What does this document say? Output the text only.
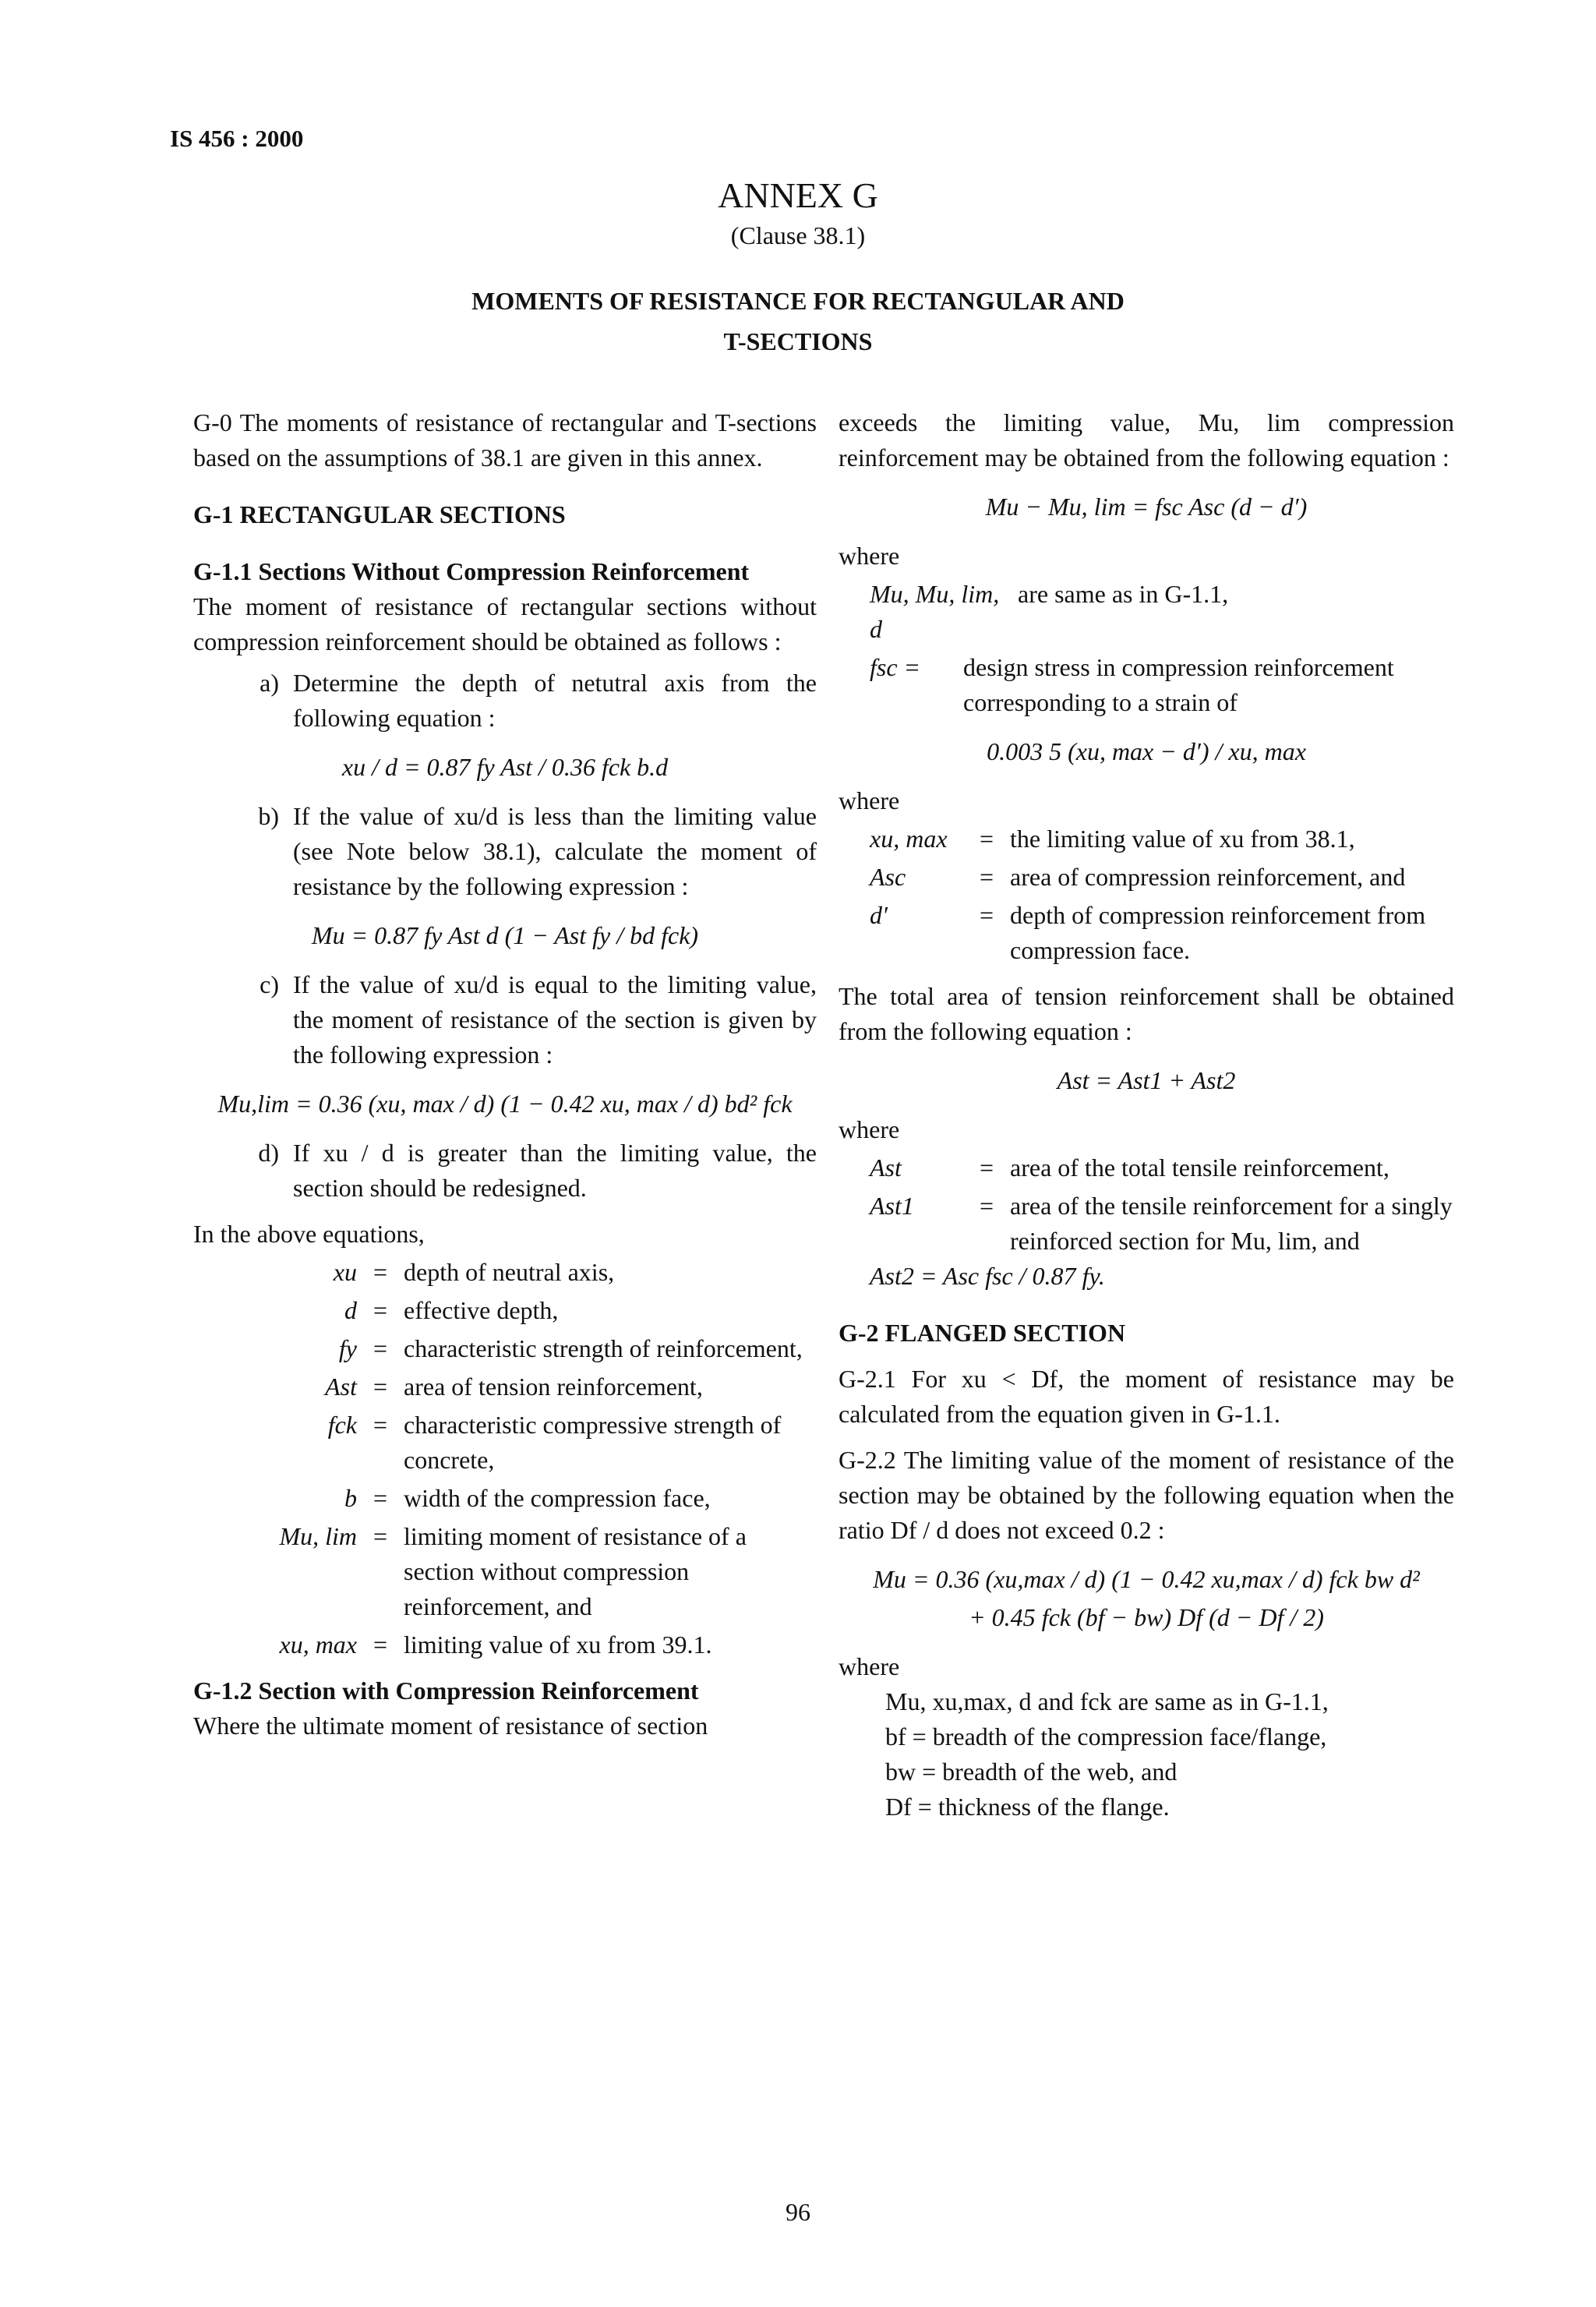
IS 456 : 2000
ANNEX G
(Clause 38.1)
MOMENTS OF RESISTANCE FOR RECTANGULAR AND
T-SECTIONS

G-0 The moments of resistance of rectangular and T-sections based on the assumptions of 38.1 are given in this annex.

G-1 RECTANGULAR SECTIONS

G-1.1 Sections Without Compression Reinforcement

The moment of resistance of rectangular sections without compression reinforcement should be obtained as follows :

a) Determine the depth of netutral axis from the following equation :

xu / d = 0.87 fy Ast / 0.36 fck b.d

b) If the value of xu/d is less than the limiting value (see Note below 38.1), calculate the moment of resistance by the following expression :

Mu = 0.87 fy Ast d (1 − Ast fy / bd fck)

c) If the value of xu/d is equal to the limiting value, the moment of resistance of the section is given by the following expression :

Mu,lim = 0.36 (xu, max / d) (1 − 0.42 xu, max / d) bd² fck

d) If xu / d is greater than the limiting value, the section should be redesigned.

In the above equations,

xu = depth of neutral axis,
d = effective depth,
fy = characteristic strength of reinforcement,
Ast = area of tension reinforcement,
fck = characteristic compressive strength of concrete,
b = width of the compression face,
Mu, lim = limiting moment of resistance of a section without compression reinforcement, and
xu, max = limiting value of xu from 39.1.

G-1.2 Section with Compression Reinforcement

Where the ultimate moment of resistance of section

exceeds the limiting value, Mu, lim compression reinforcement may be obtained from the following equation :

Mu − Mu, lim = fsc Asc (d − d′)

where

Mu, Mu, lim, d
are same as in G-1.1,
fsc =	design stress in compression reinforcement corresponding to a strain of

0.003 5 (xu, max − d′) / xu, max

where

xu, max	= the limiting value of xu from 38.1,
Asc	= area of compression reinforcement, and
d′	= depth of compression reinforcement from compression face.

The total area of tension reinforcement shall be obtained from the following equation :

Ast = Ast1 + Ast2

where

Ast	= area of the total tensile reinforcement,
Ast1	= area of the tensile reinforcement for a singly reinforced section for Mu, lim, and

Ast2 = Asc fsc / 0.87 fy.

G-2 FLANGED SECTION

G-2.1 For xu < Df, the moment of resistance may be calculated from the equation given in G-1.1.

G-2.2 The limiting value of the moment of resistance of the section may be obtained by the following equation when the ratio Df / d does not exceed 0.2 :

Mu = 0.36 (xu,max / d) (1 − 0.42 xu,max / d) fck bw d²

+ 0.45 fck (bf − bw) Df (d − Df / 2)

where

Mu, xu,max, d and fck are same as in G-1.1,

bf = breadth of the compression face/flange,

bw = breadth of the web, and

Df = thickness of the flange.

96
